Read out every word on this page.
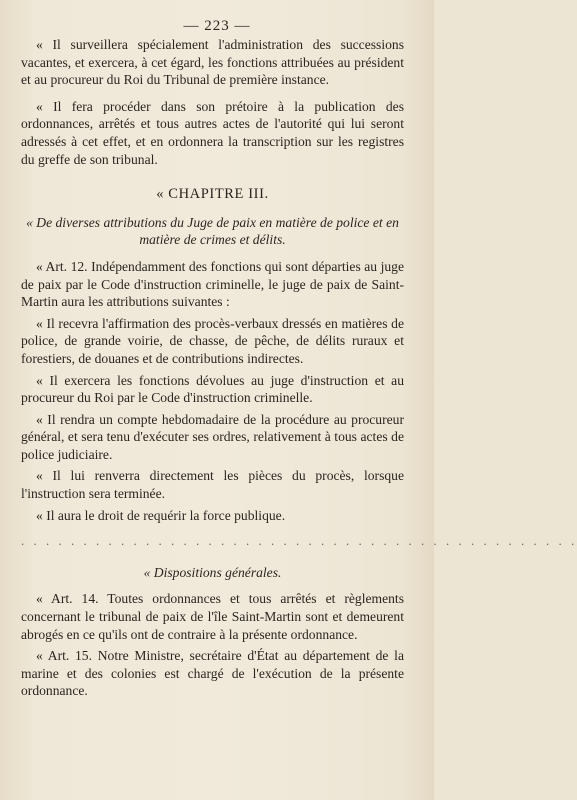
— 223 —

« Il surveillera spécialement l'administration des successions vacantes, et exercera, à cet égard, les fonctions attribuées au président et au procureur du Roi du Tribunal de première instance.

« Il fera procéder dans son prétoire à la publication des ordonnances, arrêtés et tous autres actes de l'autorité qui lui seront adressés à cet effet, et en ordonnera la transcription sur les registres du greffe de son tribunal.

« CHAPITRE III.
« De diverses attributions du Juge de paix en matière de police et en matière de crimes et délits.

« Art. 12. Indépendamment des fonctions qui sont départies au juge de paix par le Code d'instruction criminelle, le juge de paix de Saint-Martin aura les attributions suivantes :

« Il recevra l'affirmation des procès-verbaux dressés en matières de police, de grande voirie, de chasse, de pêche, de délits ruraux et forestiers, de douanes et de contributions indirectes.

« Il exercera les fonctions dévolues au juge d'instruction et au procureur du Roi par le Code d'instruction criminelle.

« Il rendra un compte hebdomadaire de la procédure au procureur général, et sera tenu d'exécuter ses ordres, relativement à tous actes de police judiciaire.

« Il lui renverra directement les pièces du procès, lorsque l'instruction sera terminée.

« Il aura le droit de requérir la force publique.

. . . . . . . . . . . . . . . . . . . . . . . . . . . . . . . . . . . . . . . . . . . . .
« Dispositions générales.

« Art. 14. Toutes ordonnances et tous arrêtés et règlements concernant le tribunal de paix de l'île Saint-Martin sont et demeurent abrogés en ce qu'ils ont de contraire à la présente ordonnance.

« Art. 15. Notre Ministre, secrétaire d'État au département de la marine et des colonies est chargé de l'exécution de la présente ordonnance.
